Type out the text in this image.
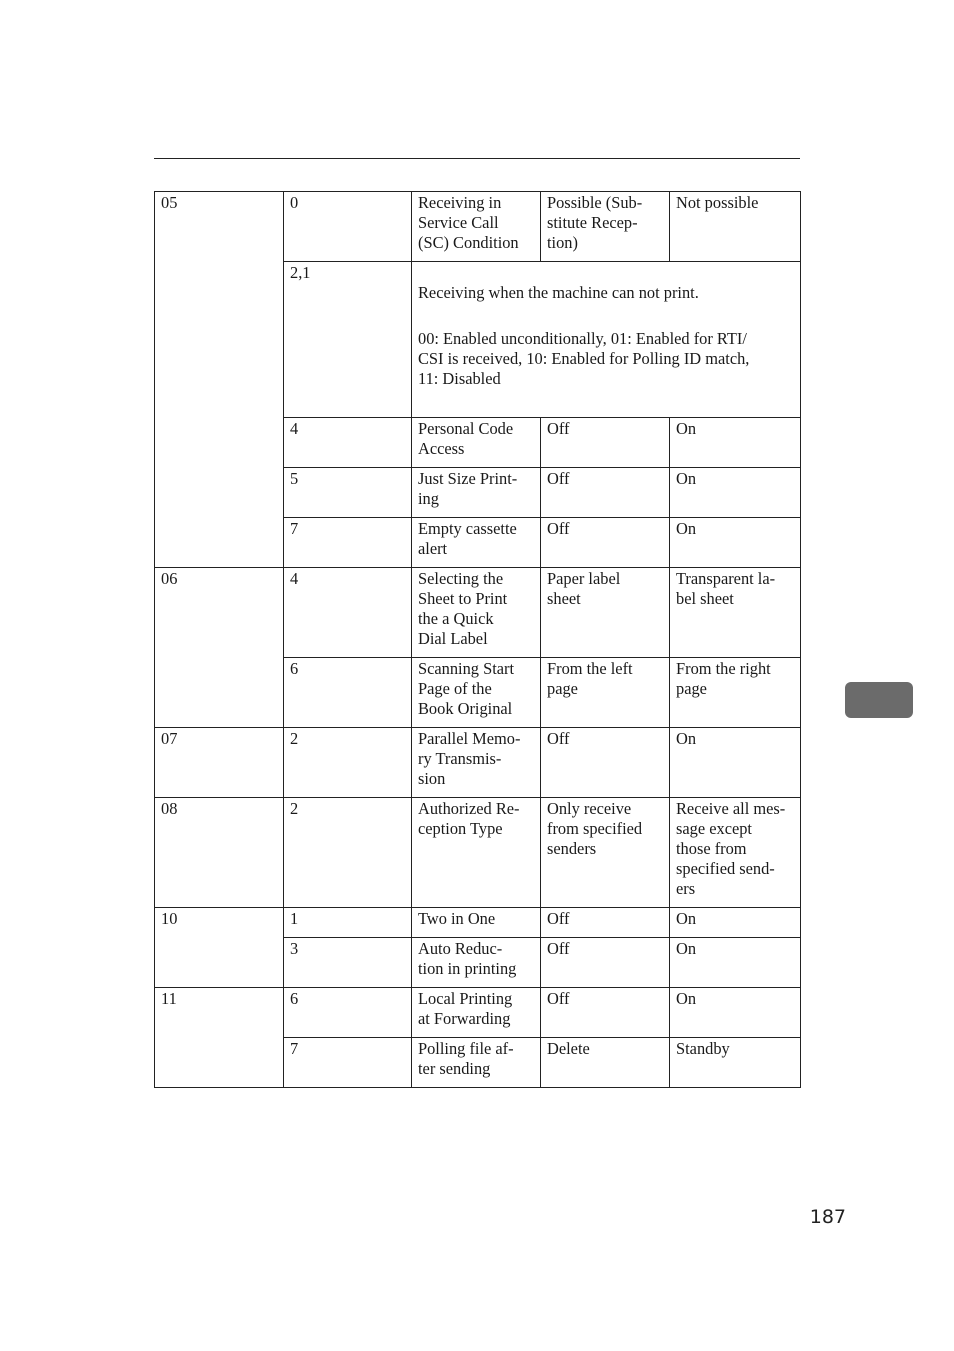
05	0	Receiving in
Service Call
(SC) Condition	Possible (Sub-
stitute Recep-
tion)	Not possible
	2,1	Receiving when the machine can not print.

00: Enabled unconditionally, 01: Enabled for RTI/
CSI is received, 10: Enabled for Polling ID match,
11: Disabled		

	4	Personal Code
Access	Off	On
	5	Just Size Print-
ing	Off	On
	7	Empty cassette
alert	Off	On
06	4	Selecting the
Sheet to Print
the a Quick
Dial Label	Paper label
sheet	Transparent la-
bel sheet
	6	Scanning Start
Page of the
Book Original	From the left
page	From the right
page
07	2	Parallel Memo-
ry Transmis-
sion	Off	On
08	2	Authorized Re-
ception Type	Only receive
from specified
senders	Receive all mes-
sage except
those from
specified send-
ers
10	1	Two in One	Off	On
	3	Auto Reduc-
tion in printing	Off	On
11	6	Local Printing
at Forwarding	Off	On
	7	Polling file af-
ter sending	Delete	Standby
187
